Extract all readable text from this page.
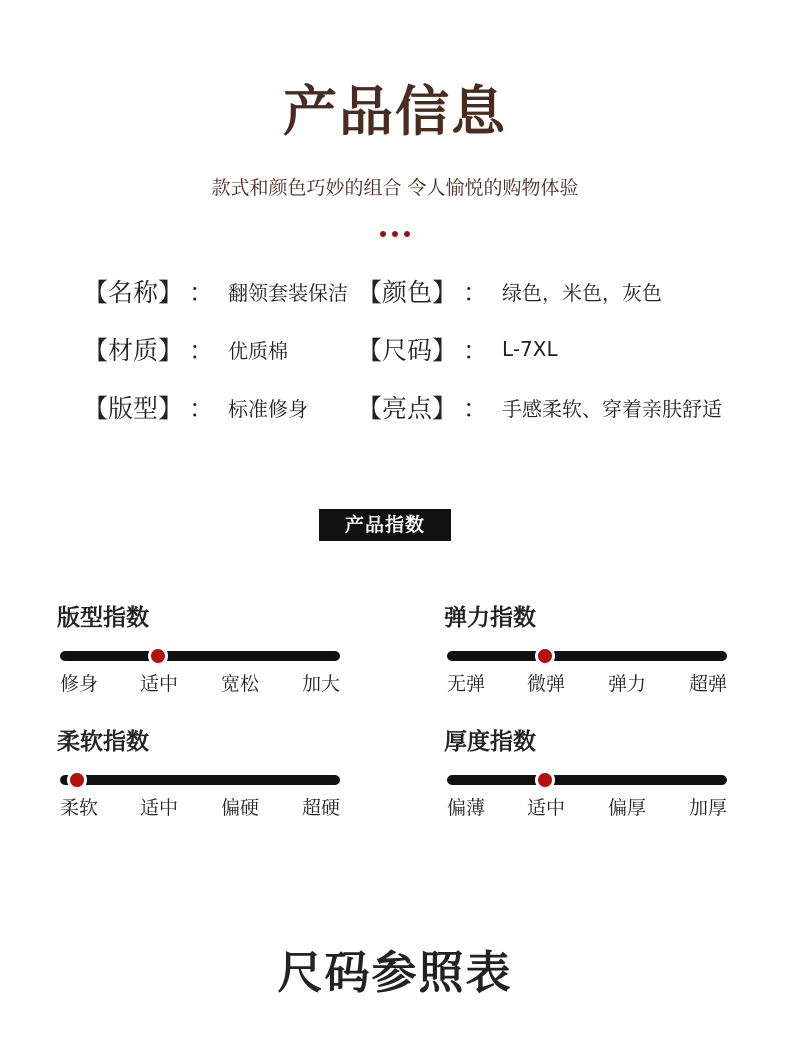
产品信息
款式和颜色巧妙的组合 令人愉悦的购物体验
【名称】 ： 翻领套装保洁 【颜色】 ： 绿色，米色，灰色
【材质】 ： 优质棉	【尺码】 ： L-7XL
【版型】 ： 标准修身 【亮点】 ： 手感柔软、穿着亲肤舒适
产品指数
版型指数
修身 适中 宽松 加大
弹力指数
无弹 微弹 弹力 超弹
柔软指数
柔软 适中 偏硬 超硬
厚度指数
偏薄 适中 偏厚 加厚
尺码参照表
